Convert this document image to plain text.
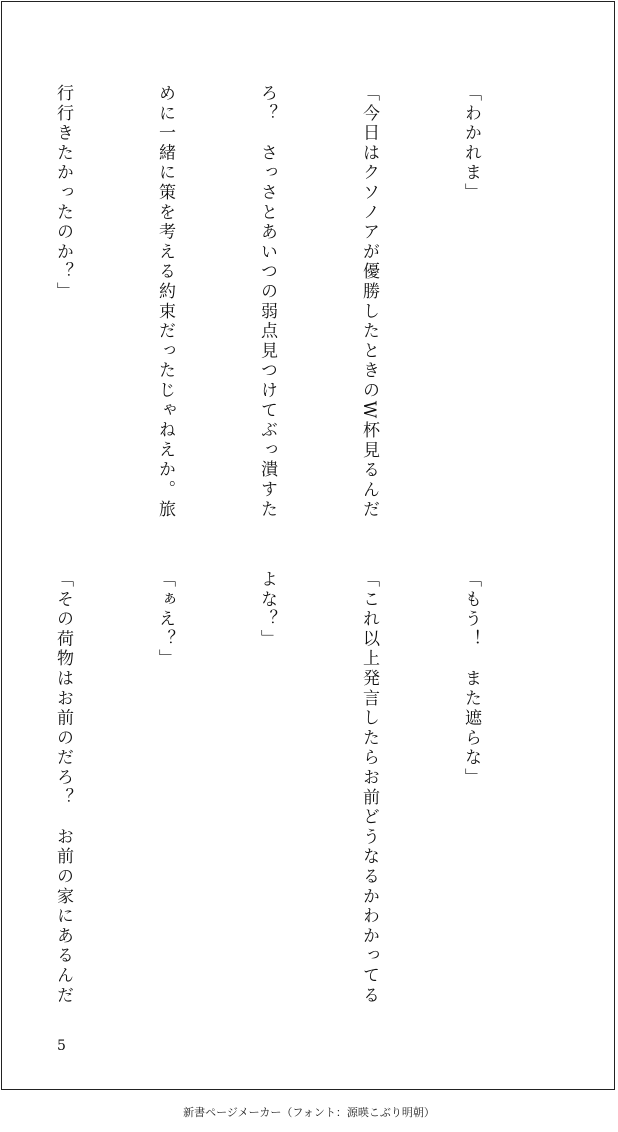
「わかれま」

「今日はクソノアが優勝したときのW杯見るんだ

ろ？　さっさとあいつの弱点見つけてぶっ潰すた

めに一緒に策を考える約束だったじゃねえか。旅

行行きたかったのか？」

「もう！　また遮らな」

「これ以上発言したらお前どうなるかわかってる

よな？」

「ぁえ？」

「その荷物はお前のだろ？　お前の家にあるんだ

5
新書ページメーカー（フォント：源暎こぶり明朝）
